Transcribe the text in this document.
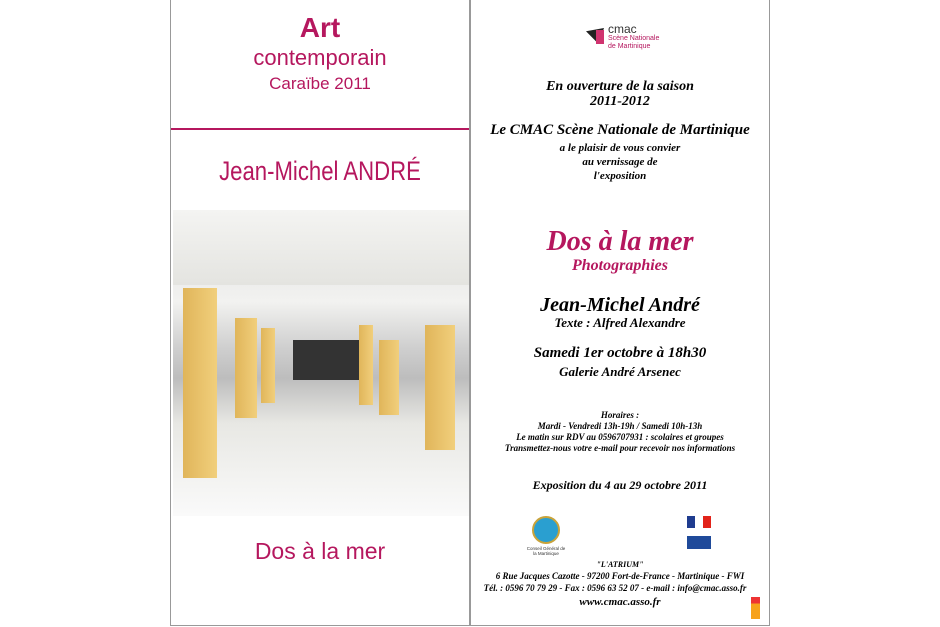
Art
contemporain
Caraïbe 2011
Jean-Michel ANDRÉ
Dos à la mer
cmac
Scène Nationale
de Martinique
En ouverture de la saison
2011-2012
Le CMAC Scène Nationale de Martinique
a le plaisir de vous convier
au vernissage de
l'exposition
Dos à la mer
Photographies
Jean-Michel André
Texte : Alfred Alexandre
Samedi 1er octobre à 18h30
Galerie André Arsenec
Horaires :
Mardi - Vendredi 13h-19h / Samedi 10h-13h
Le matin sur RDV au 0596707931 : scolaires et groupes
Transmettez-nous votre e-mail pour recevoir nos informations
Exposition du 4 au 29 octobre 2011
Conseil Général de la Martinique
"L'ATRIUM"
6 Rue Jacques Cazotte - 97200 Fort-de-France - Martinique - FWI
Tél. : 0596 70 79 29 - Fax : 0596 63 52 07 - e-mail : info@cmac.asso.fr
www.cmac.asso.fr
